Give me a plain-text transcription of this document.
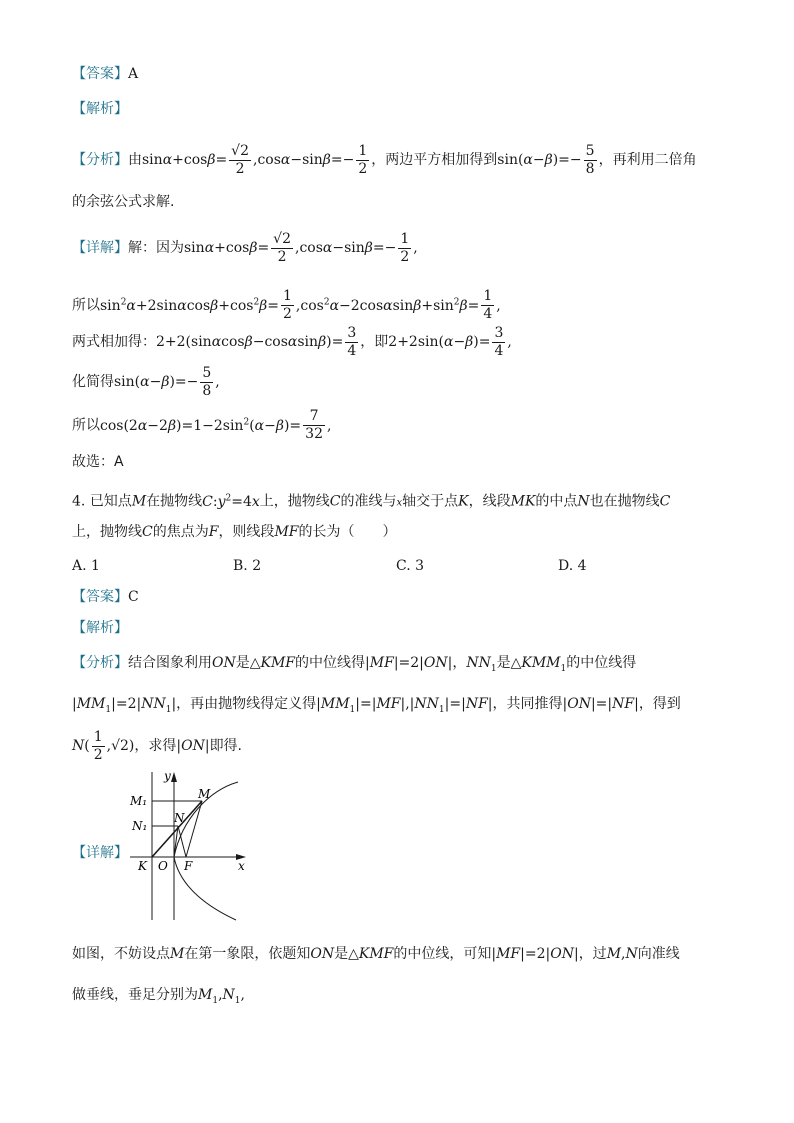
【答案】A
【解析】
【分析】由$\sin\alpha+\cos\beta= \frac{√2}{2} ,\cos\alpha-\sin\beta=- \frac{1}{2}$ ，两边平方相加得到$\sin(\alpha-\beta)=- \frac{5}{8}$ ，再利用二倍角
的余弦公式求解.
【详解】解：因为$\sin\alpha+\cos\beta= \frac{√2}{2} ,\cos\alpha-\sin\beta=- \frac{1}{2}$ ,
所以$\sin^2\alpha+2\sin\alpha\cos\beta+\cos^2\beta= \frac{1}{2} ,\cos^2\alpha-2\cos\alpha\sin\beta+\sin^2\beta= \frac{1}{4}$ ,
两式相加得：$2+2(\sin\alpha\cos\beta-\cos\alpha\sin\beta)= \frac{3}{4}$ ，即$2+2\sin(\alpha-\beta)= \frac{3}{4}$ ,
化简得$\sin(\alpha-\beta)=- \frac{5}{8}$ ,
所以$\cos(2\alpha-2\beta)=1-2\sin^2(\alpha-\beta)= \frac{7}{32}$ ,
故选：A
4. 已知点M在抛物线$C:y^2=4x$上，抛物线C的准线与x轴交于点K，线段MK的中点N也在抛物线C
上，抛物线C的焦点为F，则线段MF的长为（　　）
A. 1	B. 2	C. 3	D. 4
【答案】C
【解析】
【分析】结合图象利用ON是△KMF的中位线得|MF|=2|ON|，$NN_1$是$\triangle KMM_1$的中位线得
$|MM_1|=2|NN_1|$，再由抛物线得定义得$|MM_1|=|MF|,|NN_1|=|NF|$，共同推得|ON|=|NF|，得到
$N( \frac{1}{2} ,√2)$，求得|ON|即得.
【详解】
y
M₁	M
N₁
N
K O F	x
如图，不妨设点M在第一象限，依题知ON是△KMF的中位线，可知|MF|=2|ON|，过M,N向准线
做垂线，垂足分别为$M_1,N_1$,
